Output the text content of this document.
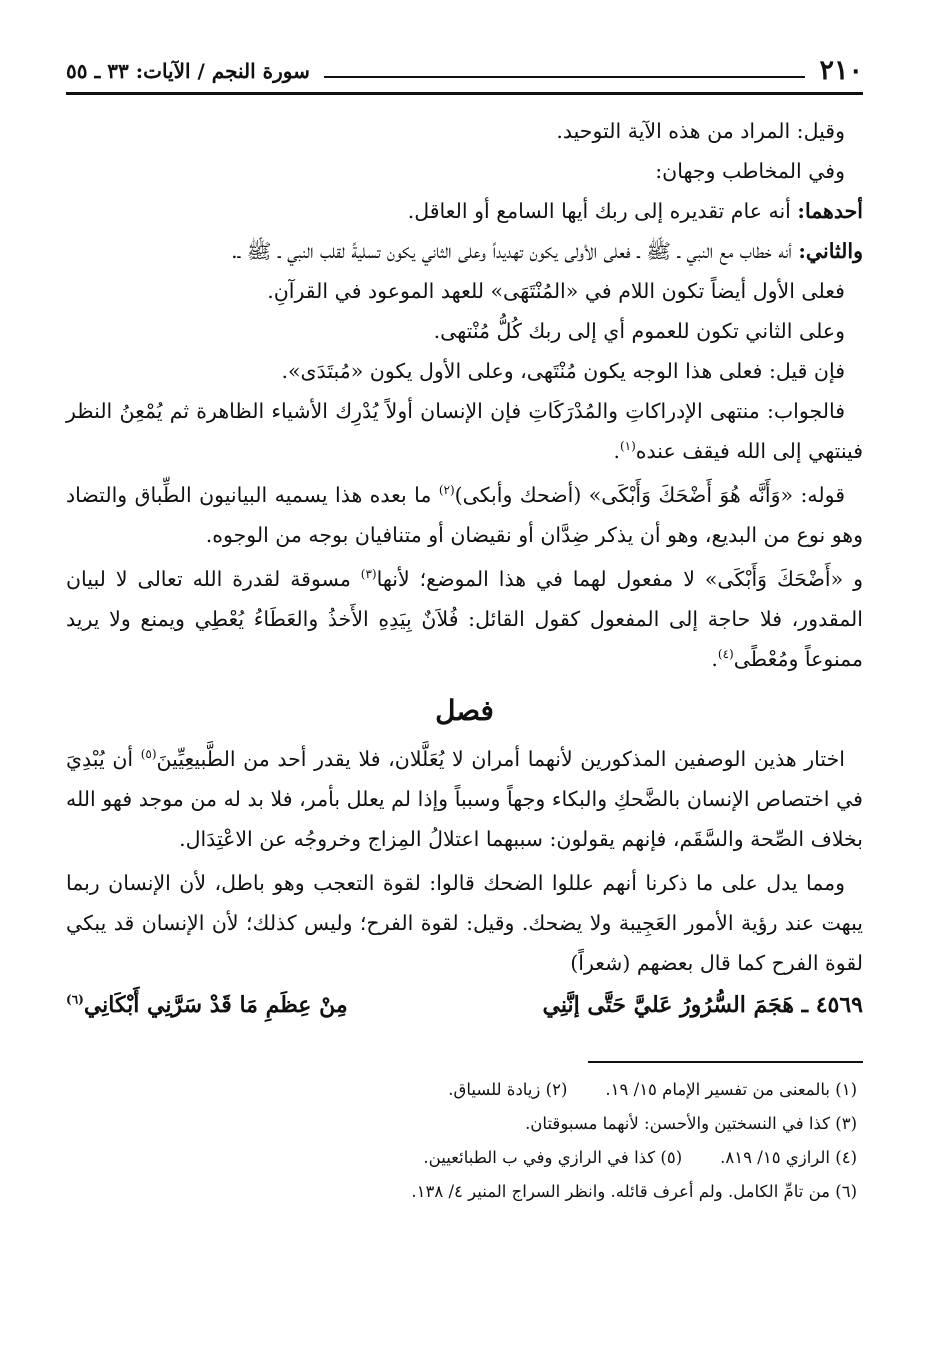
٢١٠
سورة النجم / الآيات: ٣٣ ـ ٥٥

وقيل: المراد من هذه الآية التوحيد.

وفي المخاطب وجهان:

أحدهما: أنه عام تقديره إلى ربك أيها السامع أو العاقل.

والثاني: أنه خطاب مع النبي ـ ﷺ ـ فعلى الأولى يكون تهديداً وعلى الثاني يكون تسليةً لقلب النبي ـ ﷺ ـ.

فعلى الأول أيضاً تكون اللام في «المُنْتَهَى» للعهد الموعود في القرآنِ.

وعلى الثاني تكون للعموم أي إلى ربك كُلُّ مُنْتهى.

فإن قيل: فعلى هذا الوجه يكون مُنْتَهى، وعلى الأول يكون «مُبتَدَى».

فالجواب: منتهى الإدراكاتِ والمُدْرَكَاتِ فإن الإنسان أولاً يُدْرِك الأشياء الظاهرة ثم يُمْعِنُ النظر فينتهي إلى الله فيقف عنده$^{(١)}$.

قوله: «وَأَنَّه هُوَ أَضْحَكَ وَأَبْكَى» (أضحك وأبكى)$^{(٢)}$ ما بعده هذا يسميه البيانيون الطِّباق والتضاد وهو نوع من البديع، وهو أن يذكر ضِدَّان أو نقيضان أو متنافيان بوجه من الوجوه.

و «أَضْحَكَ وَأَبْكَى» لا مفعول لهما في هذا الموضع؛ لأنها$^{(٣)}$ مسوقة لقدرة الله تعالى لا لبيان المقدور، فلا حاجة إلى المفعول كقول القائل: فُلاَنٌ بِيَدِهِ الأَخذُ والعَطَاءُ يُعْطِي ويمنع ولا يريد ممنوعاً ومُعْطًى$^{(٤)}$.

فصل

اختار هذين الوصفين المذكورين لأنهما أمران لا يُعَلَّلان، فلا يقدر أحد من الطَّبيعِيِّينَ$^{(٥)}$ أن يُبْدِيَ في اختصاص الإنسان بالضَّحكِ والبكاء وجهاً وسبباً وإذا لم يعلل بأمر، فلا بد له من موجد فهو الله بخلاف الصِّحة والسَّقَم، فإنهم يقولون: سببهما اعتلالُ المِزاج وخروجُه عن الاعْتِدَال.

ومما يدل على ما ذكرنا أنهم عللوا الضحك قالوا: لقوة التعجب وهو باطل، لأن الإنسان ربما يبهت عند رؤية الأمور العَجِيبة ولا يضحك. وقيل: لقوة الفرح؛ وليس كذلك؛ لأن الإنسان قد يبكي لقوة الفرح كما قال بعضهم (شعراً)

٤٥٦٩ ـ هَجَمَ السُّرُورُ عَليَّ حَتَّى إنَّنِي
مِنْ عِظَمِ مَا قَدْ سَرَّنِي أَبْكَانِي$^{(٦)}$
(١) بالمعنى من تفسير الإمام ١٥/ ١٩.
(٢) زيادة للسياق.
(٣) كذا في النسختين والأحسن: لأنهما مسبوقتان.
(٤) الرازي ١٥/ ٨١٩.
(٥) كذا في الرازي وفي ب الطبائعيين.
(٦) من تامِّ الكامل. ولم أعرف قائله. وانظر السراج المنير ٤/ ١٣٨.
